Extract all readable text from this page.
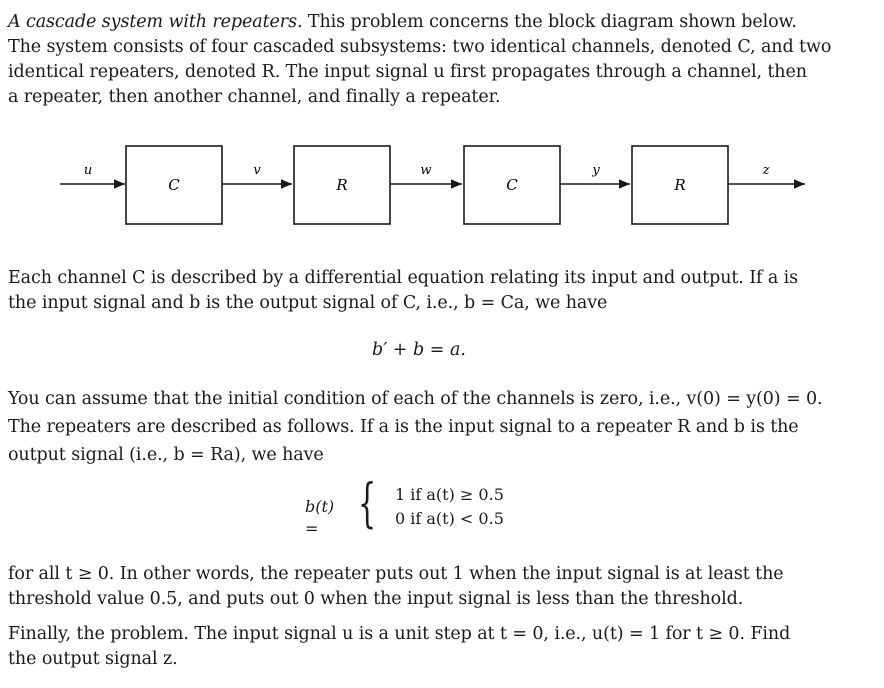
A cascade system with repeaters. This problem concerns the block diagram shown below.
The system consists of four cascaded subsystems: two identical channels, denoted C, and two
identical repeaters, denoted R. The input signal u first propagates through a channel, then
a repeater, then another channel, and finally a repeater.
C	R	C	R
u	v	w	y	z
Each channel C is described by a differential equation relating its input and output. If a is
the input signal and b is the output signal of C, i.e., b = Ca, we have
b′ + b = a.
You can assume that the initial condition of each of the channels is zero, i.e., v(0) = y(0) = 0.
The repeaters are described as follows. If a is the input signal to a repeater R and b is the
output signal (i.e., b = Ra), we have
b(t) = { 1 if a(t) ≥ 0.5
0 if a(t) < 0.5
for all t ≥ 0. In other words, the repeater puts out 1 when the input signal is at least the
threshold value 0.5, and puts out 0 when the input signal is less than the threshold.
Finally, the problem. The input signal u is a unit step at t = 0, i.e., u(t) = 1 for t ≥ 0. Find
the output signal z.
